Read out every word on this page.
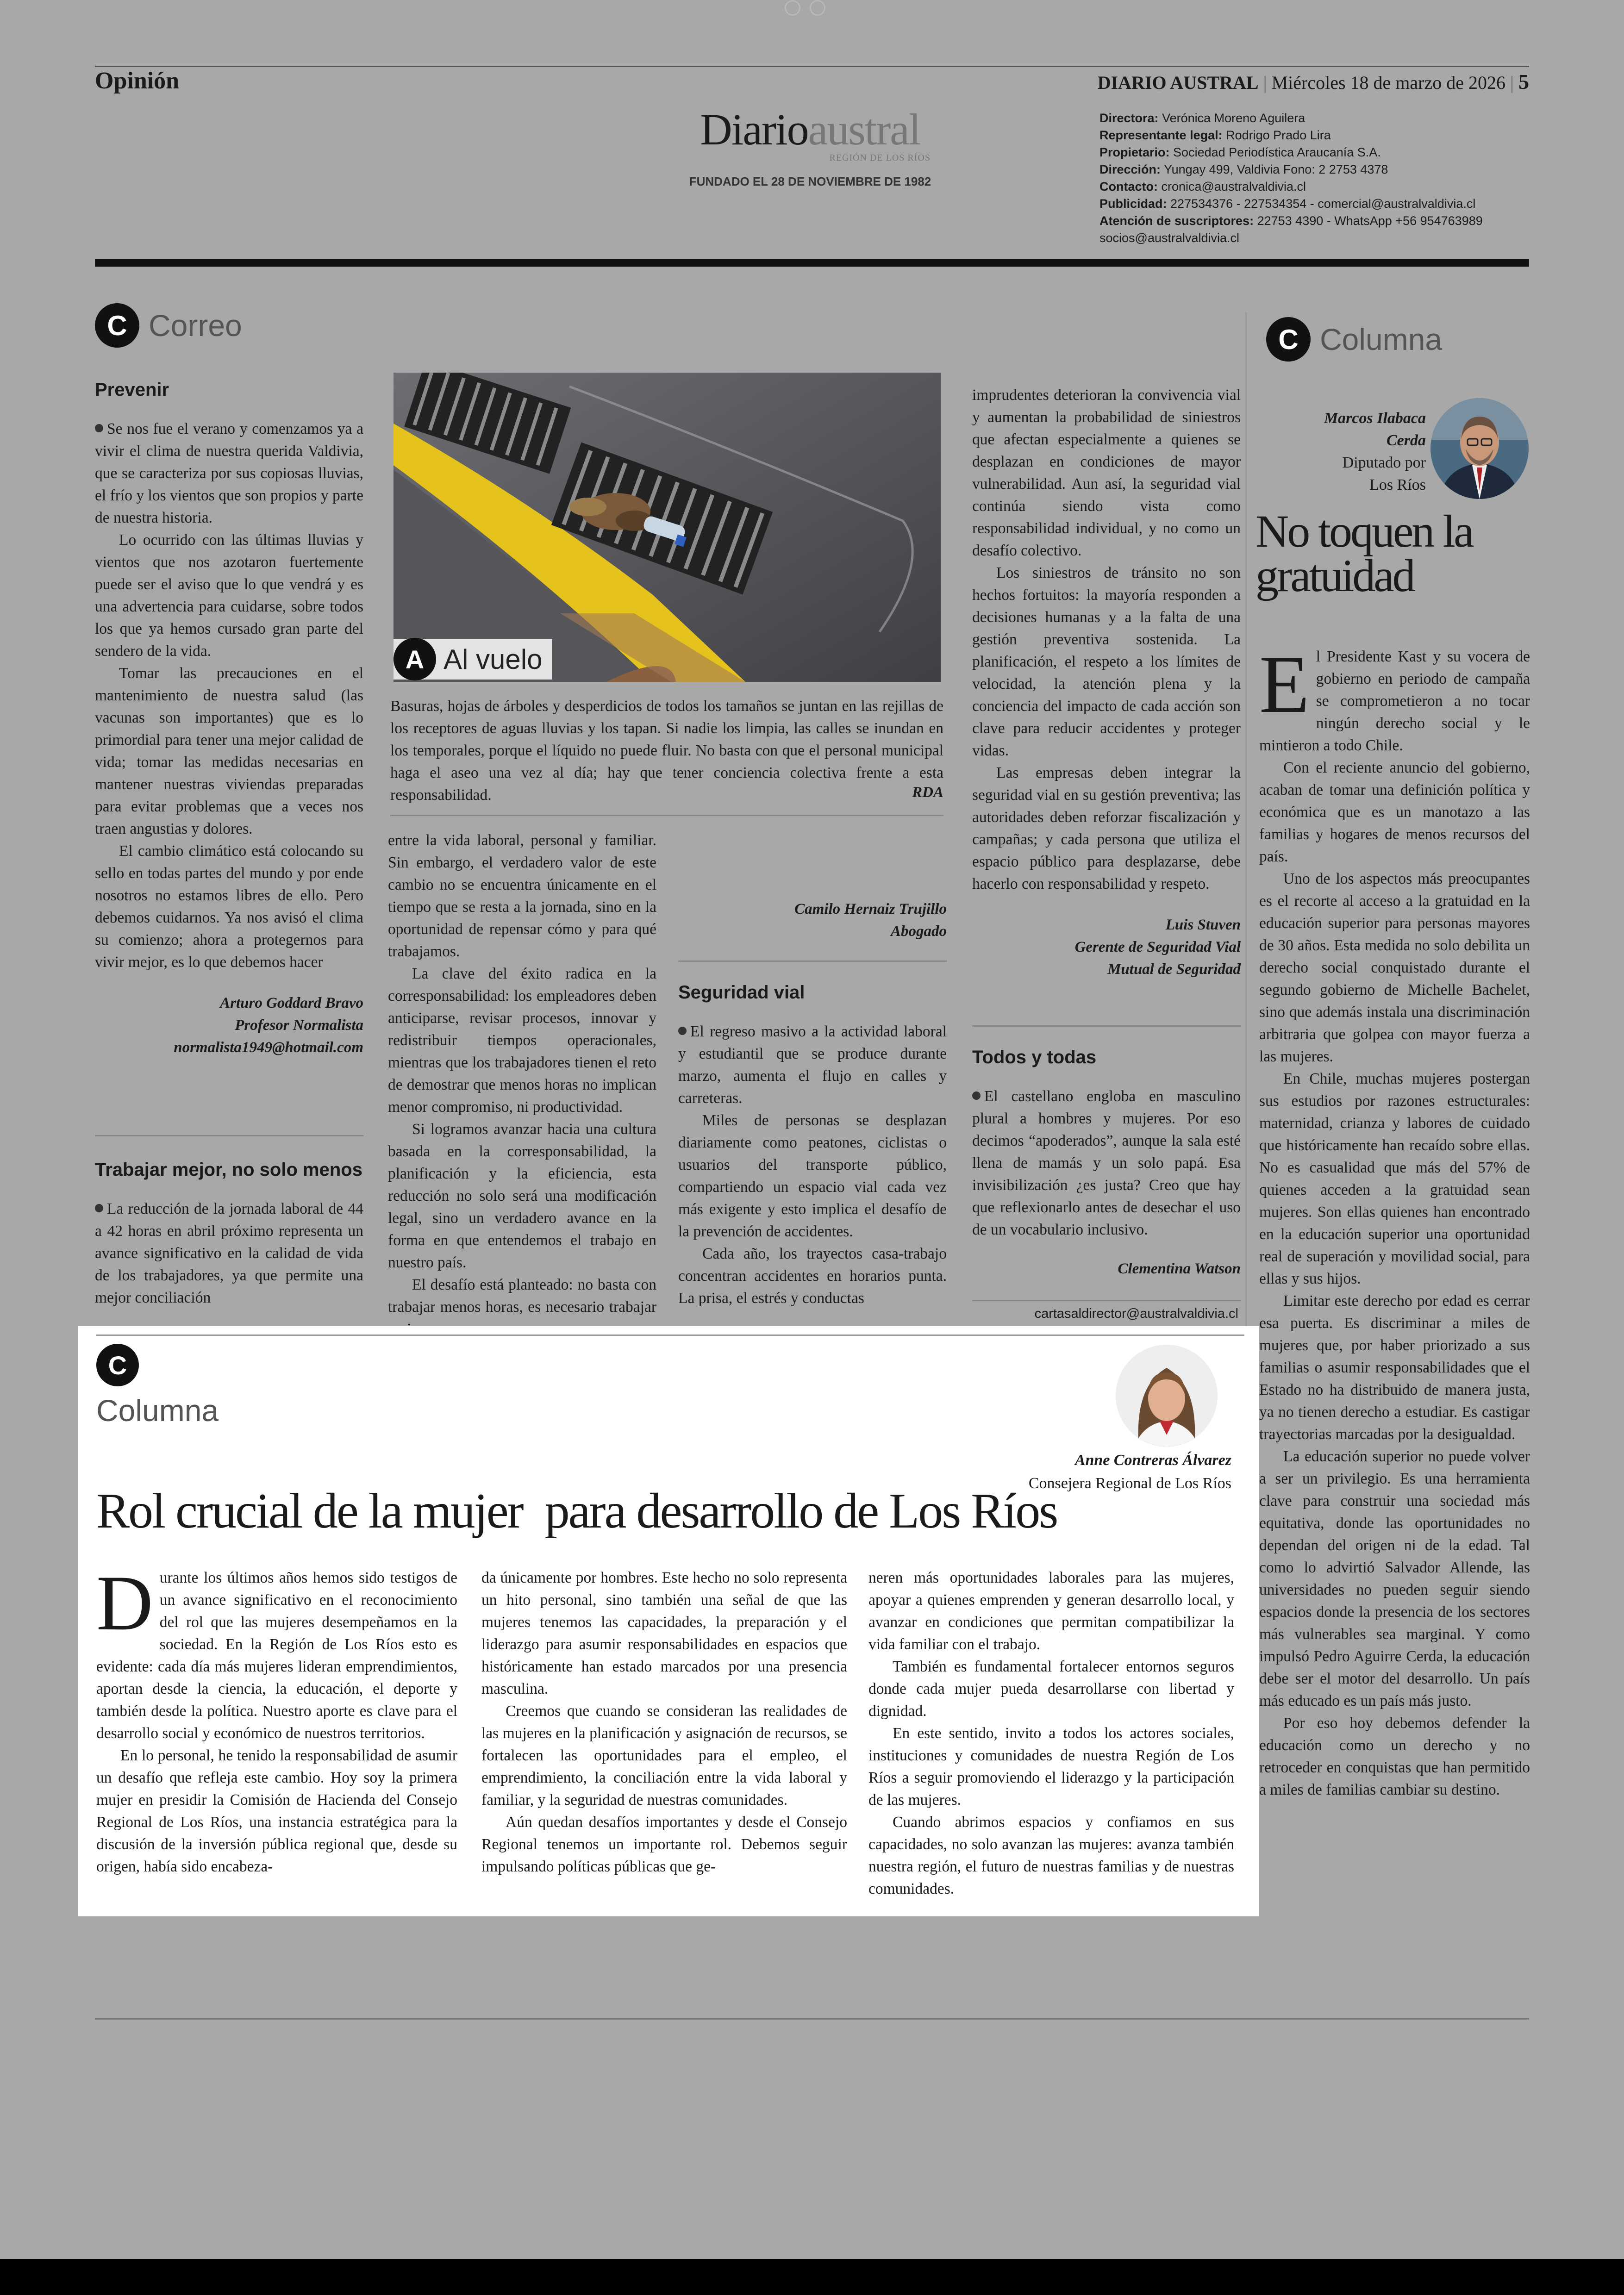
Opinión	DIARIO AUSTRAL | Miércoles 18 de marzo de 2026 | 5
Diarioaustral
REGIÓN DE LOS RÍOS
FUNDADO EL 28 DE NOVIEMBRE DE 1982
Directora: Verónica Moreno Aguilera
Representante legal: Rodrigo Prado Lira
Propietario: Sociedad Periodística Araucanía S.A.
Dirección: Yungay 499, Valdivia Fono: 2 2753 4378
Contacto: cronica@australvaldivia.cl
Publicidad: 227534376 - 227534354 - comercial@australvaldivia.cl
Atención de suscriptores: 22753 4390 - WhatsApp +56 954763989
socios@australvaldivia.cl
C Correo
Prevenir

Se nos fue el verano y comenzamos ya a vivir el clima de nuestra querida Valdivia, que se caracteriza por sus copiosas lluvias, el frío y los vientos que son propios y parte de nuestra historia.

Lo ocurrido con las últimas lluvias y vientos que nos azotaron fuertemente puede ser el aviso que lo que vendrá y es una advertencia para cuidarse, sobre todos los que ya hemos cursado gran parte del sendero de la vida.

Tomar las precauciones en el mantenimiento de nuestra salud (las vacunas son importantes) que es lo primordial para tener una mejor calidad de vida; tomar las medidas necesarias en mantener nuestras viviendas preparadas para evitar problemas que a veces nos traen angustias y dolores.

El cambio climático está colocando su sello en todas partes del mundo y por ende nosotros no estamos libres de ello. Pero debemos cuidarnos. Ya nos avisó el clima su comienzo; ahora a protegernos para vivir mejor, es lo que debemos hacer

Arturo Goddard Bravo
Profesor Normalista
normalista1949@hotmail.com
Trabajar mejor, no solo menos

La reducción de la jornada laboral de 44 a 42 horas en abril próximo representa un avance significativo en la calidad de vida de los trabajadores, ya que permite una mejor conciliación

A Al vuelo

Basuras, hojas de árboles y desperdicios de todos los tamaños se juntan en las rejillas de los receptores de aguas lluvias y los tapan. Si nadie los limpia, las calles se inundan en los temporales, porque el líquido no puede fluir. No basta con que el personal municipal haga el aseo una vez al día; hay que tener conciencia colectiva frente a esta responsabilidad.	RDA

entre la vida laboral, personal y familiar. Sin embargo, el verdadero valor de este cambio no se encuentra únicamente en el tiempo que se resta a la jornada, sino en la oportunidad de repensar cómo y para qué trabajamos.

La clave del éxito radica en la corresponsabilidad: los empleadores deben anticiparse, revisar procesos, innovar y redistribuir tiempos operacionales, mientras que los trabajadores tienen el reto de demostrar que menos horas no implican menor compromiso, ni productividad.

Si logramos avanzar hacia una cultura basada en la corresponsabilidad, la planificación y la eficiencia, esta reducción no solo será una modificación legal, sino un verdadero avance en la forma en que entendemos el trabajo en nuestro país.

El desafío está planteado: no basta con trabajar menos horas, es necesario trabajar

Camilo Hernaiz Trujillo
Abogado
Seguridad vial

El regreso masivo a la actividad laboral y estudiantil que se produce durante marzo, aumenta el flujo en calles y carreteras.

Miles de personas se desplazan diariamente como peatones, ciclistas o usuarios del transporte público, compartiendo un espacio vial cada vez más exigente y esto implica el desafío de la prevención de accidentes.

Cada año, los trayectos casa-trabajo concentran accidentes en horarios punta. La prisa, el estrés y conductas

imprudentes deterioran la convivencia vial y aumentan la probabilidad de siniestros que afectan especialmente a quienes se desplazan en condiciones de mayor vulnerabilidad. Aun así, la seguridad vial continúa siendo vista como responsabilidad individual, y no como un desafío colectivo.

Los siniestros de tránsito no son hechos fortuitos: la mayoría responden a decisiones humanas y a la falta de una gestión preventiva sostenida. La planificación, el respeto a los límites de velocidad, la atención plena y la conciencia del impacto de cada acción son clave para reducir accidentes y proteger vidas.

Las empresas deben integrar la seguridad vial en su gestión preventiva; las autoridades deben reforzar fiscalización y campañas; y cada persona que utiliza el espacio público para desplazarse, debe hacerlo con responsabilidad y respeto.

Luis Stuven
Gerente de Seguridad Vial
Mutual de Seguridad
Todos y todas

El castellano engloba en masculino plural a hombres y mujeres. Por eso decimos “apoderados”, aunque la sala esté llena de mamás y un solo papá. Esa invisibilización ¿es justa? Creo que hay que reflexionarlo antes de desechar el uso de un vocabulario inclusivo.

Clementina Watson
cartasaldirector@australvaldivia.cl
C Columna
Marcos Ilabaca Cerda
Diputado por
Los Ríos
No toquen la gratuidad

El Presidente Kast y su vocera de gobierno en periodo de campaña se comprometieron a no tocar ningún derecho social y le mintieron a todo Chile.

Con el reciente anuncio del gobierno, acaban de tomar una definición política y económica que es un manotazo a las familias y hogares de menos recursos del país.

Uno de los aspectos más preocupantes es el recorte al acceso a la gratuidad en la educación superior para personas mayores de 30 años. Esta medida no solo debilita un derecho social conquistado durante el segundo gobierno de Michelle Bachelet, sino que además instala una discriminación arbitraria que golpea con mayor fuerza a las mujeres.

En Chile, muchas mujeres postergan sus estudios por razones estructurales: maternidad, crianza y labores de cuidado que históricamente han recaído sobre ellas. No es casualidad que más del 57% de quienes acceden a la gratuidad sean mujeres. Son ellas quienes han encontrado en la educación superior una oportunidad real de superación y movilidad social, para ellas y sus hijos.

Limitar este derecho por edad es cerrar esa puerta. Es discriminar a miles de mujeres que, por haber priorizado a sus familias o asumir responsabilidades que el Estado no ha distribuido de manera justa, ya no tienen derecho a estudiar. Es castigar trayectorias marcadas por la desigualdad.

La educación superior no puede volver a ser un privilegio. Es una herramienta clave para construir una sociedad más equitativa, donde las oportunidades no dependan del origen ni de la edad. Tal como lo advirtió Salvador Allende, las universidades no pueden seguir siendo espacios donde la presencia de los sectores más vulnerables sea marginal. Y como impulsó Pedro Aguirre Cerda, la educación debe ser el motor del desarrollo. Un país más educado es un país más justo.

Por eso hoy debemos defender la educación como un derecho y no retroceder en conquistas que han permitido a miles de familias cambiar su destino.

C
Columna
Anne Contreras Álvarez
Consejera Regional de Los Ríos
Rol crucial de la mujer  para desarrollo de Los Ríos

Durante los últimos años hemos sido testigos de un avance significativo en el reconocimiento del rol que las mujeres desempeñamos en la sociedad. En la Región de Los Ríos esto es evidente: cada día más mujeres lideran emprendimientos, aportan desde la ciencia, la educación, el deporte y también desde la política. Nuestro aporte es clave para el desarrollo social y económico de nuestros territorios.

En lo personal, he tenido la responsabilidad de asumir un desafío que refleja este cambio. Hoy soy la primera mujer en presidir la Comisión de Hacienda del Consejo Regional de Los Ríos, una instancia estratégica para la discusión de la inversión pública regional que, desde su origen, había sido encabeza-

da únicamente por hombres. Este hecho no solo representa un hito personal, sino también una señal de que las mujeres tenemos las capacidades, la preparación y el liderazgo para asumir responsabilidades en espacios que históricamente han estado marcados por una presencia masculina.

Creemos que cuando se consideran las realidades de las mujeres en la planificación y asignación de recursos, se fortalecen las oportunidades para el empleo, el emprendimiento, la conciliación entre la vida laboral y familiar, y la seguridad de nuestras comunidades.

Aún quedan desafíos importantes y desde el Consejo Regional tenemos un importante rol. Debemos seguir impulsando políticas públicas que ge-

neren más oportunidades laborales para las mujeres, apoyar a quienes emprenden y generan desarrollo local, y avanzar en condiciones que permitan compatibilizar la vida familiar con el trabajo.

También es fundamental fortalecer entornos seguros donde cada mujer pueda desarrollarse con libertad y dignidad.

En este sentido, invito a todos los actores sociales, instituciones y comunidades de nuestra Región de Los Ríos a seguir promoviendo el liderazgo y la participación de las mujeres.

Cuando abrimos espacios y confiamos en sus capacidades, no solo avanzan las mujeres: avanza también nuestra región, el futuro de nuestras familias y de nuestras comunidades.
